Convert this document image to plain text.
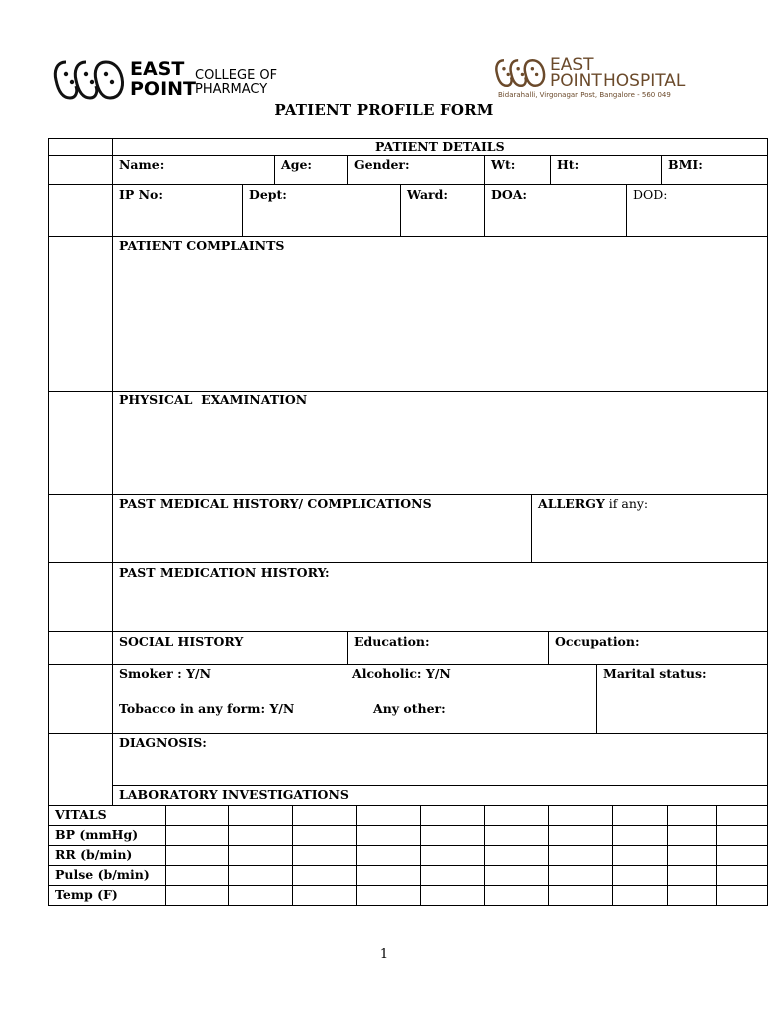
EAST
POINT
COLLEGE OF
PHARMACY
EAST
POINT HOSPITAL
Bidarahalli, Virgonagar Post, Bangalore - 560 049
PATIENT PROFILE FORM
PATIENT DETAILS
Name:	Age:	Gender:	Wt:	Ht:	BMI:
IP No:	Dept:	Ward:	DOA:	DOD:
PATIENT COMPLAINTS
PHYSICAL  EXAMINATION
PAST MEDICAL HISTORY/ COMPLICATIONS	ALLERGY if any:
PAST MEDICATION HISTORY:
SOCIAL HISTORY	Education:	Occupation:
Smoker : Y/N	Alcoholic: Y/N	Marital status:
Tobacco in any form: Y/N	Any other:
DIAGNOSIS:
LABORATORY INVESTIGATIONS
VITALS
BP (mmHg)
RR (b/min)
Pulse (b/min)
Temp (F)
1
